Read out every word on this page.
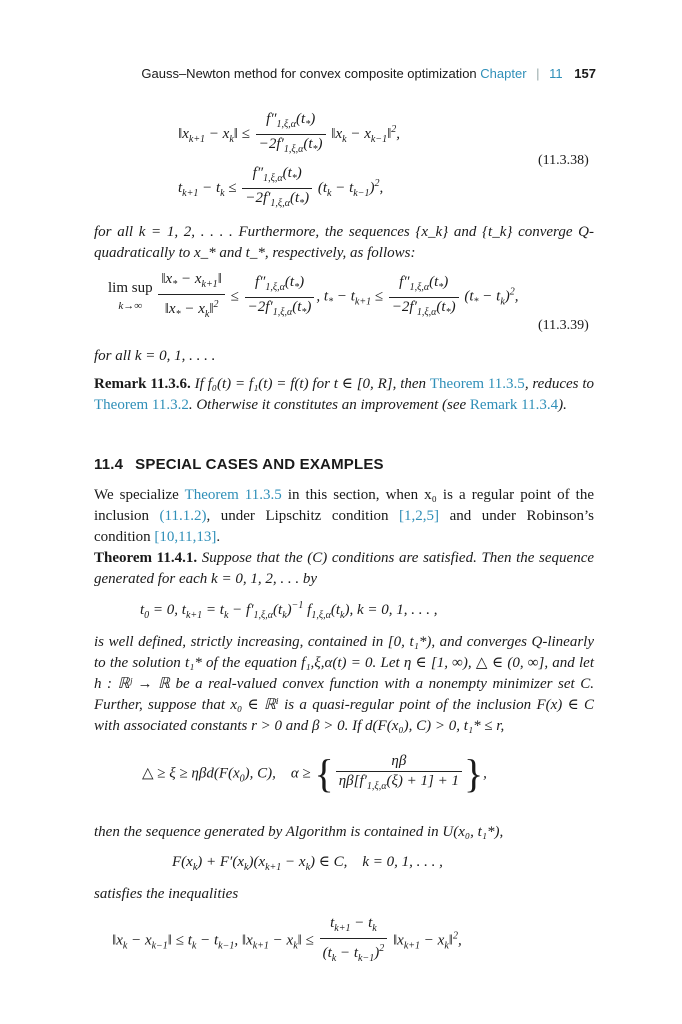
Gauss–Newton method for convex composite optimization Chapter | 11 157
$‖x_{k+1}$ − $x_k‖ \le \frac{f''_{1,\xi,\alpha}(t_*)}{-2f'_{1,\xi,\alpha}(t_*)}$ $‖x_k$ − $x_{k-1}‖^2$,
(11.3.38)
$t_{k+1} - t_k \le \frac{f''_{1,\xi,\alpha}(t_*)}{-2f'_{1,\xi,\alpha}(t_*)} (t_k - t_{k-1})^2$,
for all k = 1, 2, . . . . Furthermore, the sequences {x_k} and {t_k} converge Q-quadratically to x_* and t_*, respectively, as follows:
lim sup
$k\to\infty \frac{‖x_* - x_{k+1}‖}{‖x_* - x_k‖^2} \le \frac{f''_{1,\xi,\alpha}(t_*)}{-2f'_{1,\xi,\alpha}(t_*)}$ , $t_* - t_{k+1} \le \frac{f''_{1,\xi,\alpha}(t_*)}{-2f'_{1,\xi,\alpha}(t_*)} (t_* - t_k)^2$,
(11.3.39)
for all k = 0, 1, . . . .
Remark 11.3.6. If f₀(t) = f₁(t) = f(t) for t ∈ [0, R], then Theorem 11.3.5, reduces to Theorem 11.3.2. Otherwise it constitutes an improvement (see Remark 11.3.4).
11.4 SPECIAL CASES AND EXAMPLES
We specialize Theorem 11.3.5 in this section, when x₀ is a regular point of the inclusion (11.1.2), under Lipschitz condition [1,2,5] and under Robinson’s condition [10,11,13].
Theorem 11.4.1. Suppose that the (C) conditions are satisfied. Then the sequence generated for each k = 0, 1, 2, . . . by
$t_0 = 0$, $t_{k+1} = t_k - f'_{1,\xi,\alpha}(t_k)^{-1}$ $f_{1,\xi,\alpha}(t_k)$, k = 0, 1, . . . ,
is well defined, strictly increasing, contained in [0, t₁*), and converges Q-linearly to the solution t₁* of the equation f₁,ξ,α(t) = 0. Let η ∈ [1, ∞), △ ∈ (0, ∞], and let h : ℝʲ → ℝ be a real-valued convex function with a nonempty minimizer set C. Further, suppose that x₀ ∈ ℝⁱ is a quasi-regular point of the inclusion F(x) ∈ C with associated constants r > 0 and β > 0. If d(F(x₀), C) > 0, t₁* ≤ r,
△ ≥ $\xi \ge \eta\beta d(F(x_0)$, C),    α ≥ { $\frac{\eta\beta}{\eta\beta[f'_{1,\xi,\alpha}(\xi) + 1] + 1}$ },
then the sequence generated by Algorithm is contained in U(x₀, t₁*),
$F(x_k) + F'(x_k)(x_{k+1} - x_k)$ ∈ C,    k = 0, 1, . . . ,
satisfies the inequalities
$‖x_k$ − $x_{k-1}‖ \le t_k - t_{k-1}$, $‖x_{k+1}$ − $x_k‖ \le \frac{t_{k+1} - t_k}{(t_k - t_{k-1})^2}$ $‖x_{k+1}$ − $x_k‖^2$,
